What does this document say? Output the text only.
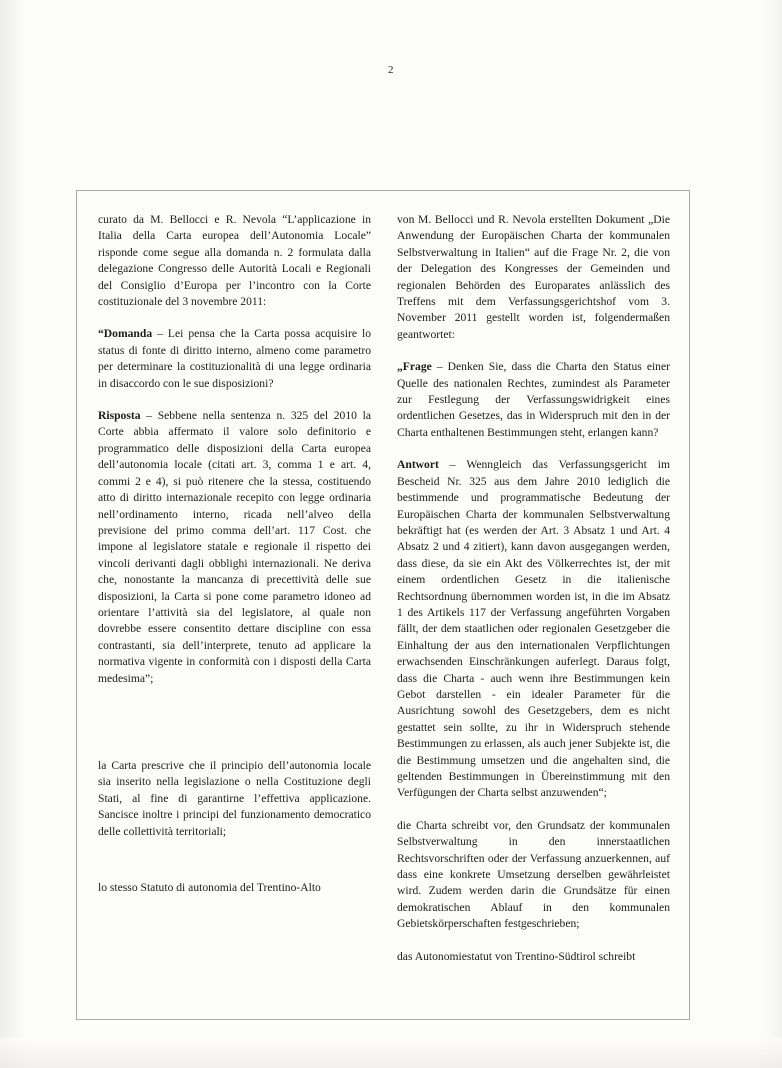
2

curato da M. Bellocci e R. Nevola “L’applicazione in Italia della Carta europea dell’Autonomia Locale” risponde come segue alla domanda n. 2 formulata dalla delegazione Congresso delle Autorità Locali e Regionali del Consiglio d’Europa per l’incontro con la Corte costituzionale del 3 novembre 2011:

“Domanda – Lei pensa che la Carta possa acquisire lo status di fonte di diritto interno, almeno come parametro per determinare la costituzionalità di una legge ordinaria in disaccordo con le sue disposizioni?

Risposta – Sebbene nella sentenza n. 325 del 2010 la Corte abbia affermato il valore solo definitorio e programmatico delle disposizioni della Carta europea dell’autonomia locale (citati art. 3, comma 1 e art. 4, commi 2 e 4), si può ritenere che la stessa, costituendo atto di diritto internazionale recepito con legge ordinaria nell’ordinamento interno, ricada nell’alveo della previsione del primo comma dell’art. 117 Cost. che impone al legislatore statale e regionale il rispetto dei vincoli derivanti dagli obblighi internazionali. Ne deriva che, nonostante la mancanza di precettività delle sue disposizioni, la Carta si pone come parametro idoneo ad orientare l’attività sia del legislatore, al quale non dovrebbe essere consentito dettare discipline con essa contrastanti, sia dell’interprete, tenuto ad applicare la normativa vigente in conformità con i disposti della Carta medesima”;

la Carta prescrive che il principio dell’autonomia locale sia inserito nella legislazione o nella Costituzione degli Stati, al fine di garantirne l’effettiva applicazione. Sancisce inoltre i principi del funzionamento democratico delle collettività territoriali;

lo stesso Statuto di autonomia del Trentino-Alto

von M. Bellocci und R. Nevola erstellten Dokument „Die Anwendung der Europäischen Charta der kommunalen Selbstverwaltung in Italien“ auf die Frage Nr. 2, die von der Delegation des Kongresses der Gemeinden und regionalen Behörden des Europarates anlässlich des Treffens mit dem Verfassungsgerichtshof vom 3. November 2011 gestellt worden ist, folgendermaßen geantwortet:

„Frage – Denken Sie, dass die Charta den Status einer Quelle des nationalen Rechtes, zumindest als Parameter zur Festlegung der Verfassungswidrigkeit eines ordentlichen Gesetzes, das in Widerspruch mit den in der Charta enthaltenen Bestimmungen steht, erlangen kann?

Antwort – Wenngleich das Verfassungsgericht im Bescheid Nr. 325 aus dem Jahre 2010 lediglich die bestimmende und programmatische Bedeutung der Europäischen Charta der kommunalen Selbstverwaltung bekräftigt hat (es werden der Art. 3 Absatz 1 und Art. 4 Absatz 2 und 4 zitiert), kann davon ausgegangen werden, dass diese, da sie ein Akt des Völkerrechtes ist, der mit einem ordentlichen Gesetz in die italienische Rechtsordnung übernommen worden ist, in die im Absatz 1 des Artikels 117 der Verfassung angeführten Vorgaben fällt, der dem staatlichen oder regionalen Gesetzgeber die Einhaltung der aus den internationalen Verpflichtungen erwachsenden Einschränkungen auferlegt. Daraus folgt, dass die Charta - auch wenn ihre Bestimmungen kein Gebot darstellen - ein idealer Parameter für die Ausrichtung sowohl des Gesetzgebers, dem es nicht gestattet sein sollte, zu ihr in Widerspruch stehende Bestimmungen zu erlassen, als auch jener Subjekte ist, die die Bestimmung umsetzen und die angehalten sind, die geltenden Bestimmungen in Übereinstimmung mit den Verfügungen der Charta selbst anzuwenden“;

die Charta schreibt vor, den Grundsatz der kommunalen Selbstverwaltung in den innerstaatlichen Rechtsvorschriften oder der Verfassung anzuerkennen, auf dass eine konkrete Umsetzung derselben gewährleistet wird. Zudem werden darin die Grundsätze für einen demokratischen Ablauf in den kommunalen Gebietskörperschaften festgeschrieben;

das Autonomiestatut von Trentino-Südtirol schreibt
